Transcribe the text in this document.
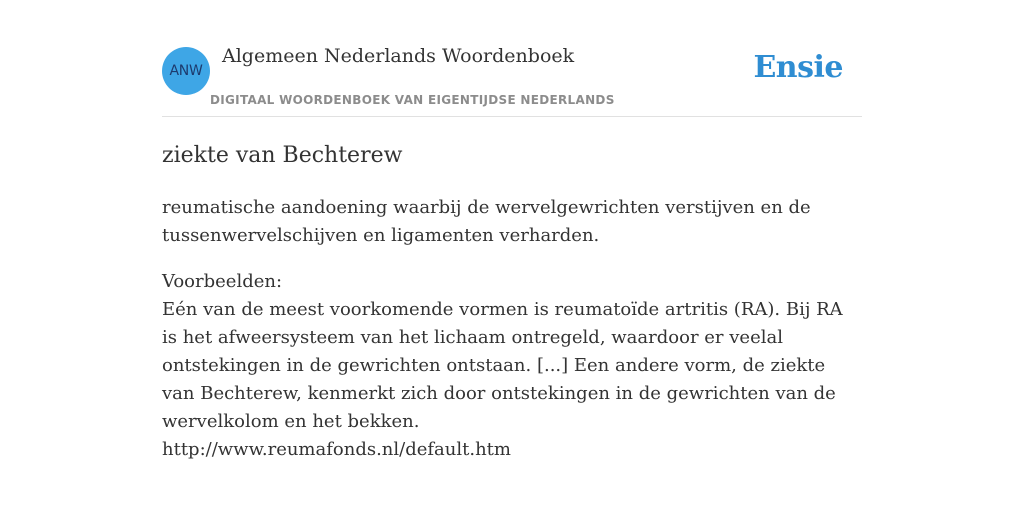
ANW
Algemeen Nederlands Woordenboek
DIGITAAL WOORDENBOEK VAN EIGENTIJDSE NEDERLANDS
Ensie
ziekte van Bechterew

reumatische aandoening waarbij de wervelgewrichten verstijven en de tussenwervelschijven en ligamenten verharden.

Voorbeelden:
Eén van de meest voorkomende vormen is reumatoïde artritis (RA). Bij RA is het afweersysteem van het lichaam ontregeld, waardoor er veelal ontstekingen in de gewrichten ontstaan. [...] Een andere vorm, de ziekte van Bechterew, kenmerkt zich door ontstekingen in de gewrichten van de wervelkolom en het bekken.
http://www.reumafonds.nl/default.htm
